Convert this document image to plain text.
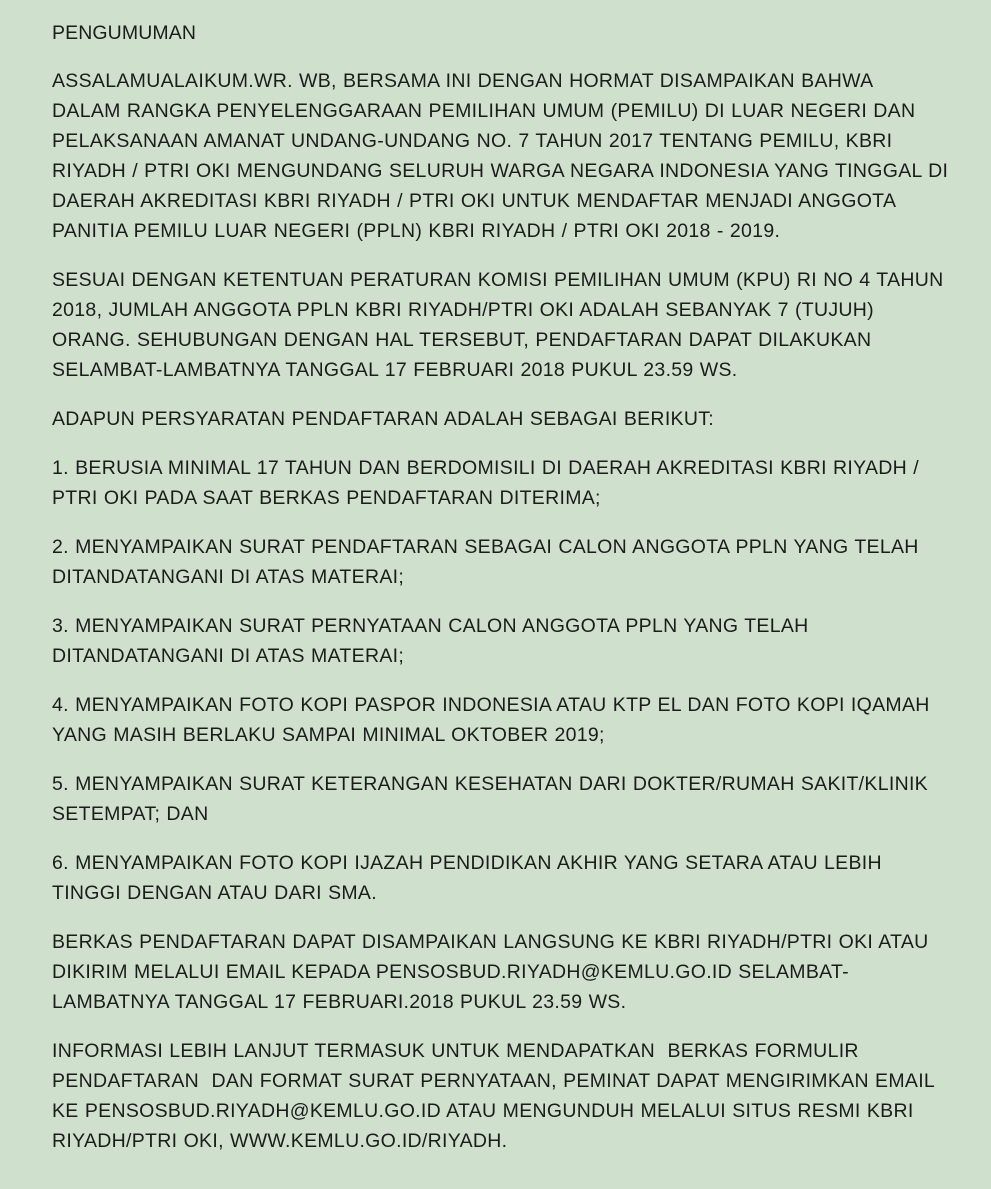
PENGUMUMAN
ASSALAMUALAIKUM.WR. WB, BERSAMA INI DENGAN HORMAT DISAMPAIKAN BAHWA
DALAM RANGKA PENYELENGGARAAN PEMILIHAN UMUM (PEMILU) DI LUAR NEGERI DAN
PELAKSANAAN AMANAT UNDANG-UNDANG NO. 7 TAHUN 2017 TENTANG PEMILU, KBRI
RIYADH / PTRI OKI MENGUNDANG SELURUH WARGA NEGARA INDONESIA YANG TINGGAL DI
DAERAH AKREDITASI KBRI RIYADH / PTRI OKI UNTUK MENDAFTAR MENJADI ANGGOTA
PANITIA PEMILU LUAR NEGERI (PPLN) KBRI RIYADH / PTRI OKI 2018 - 2019.
SESUAI DENGAN KETENTUAN PERATURAN KOMISI PEMILIHAN UMUM (KPU) RI NO 4 TAHUN
2018, JUMLAH ANGGOTA PPLN KBRI RIYADH/PTRI OKI ADALAH SEBANYAK 7 (TUJUH)
ORANG. SEHUBUNGAN DENGAN HAL TERSEBUT, PENDAFTARAN DAPAT DILAKUKAN
SELAMBAT-LAMBATNYA TANGGAL 17 FEBRUARI 2018 PUKUL 23.59 WS.
ADAPUN PERSYARATAN PENDAFTARAN ADALAH SEBAGAI BERIKUT:
1. BERUSIA MINIMAL 17 TAHUN DAN BERDOMISILI DI DAERAH AKREDITASI KBRI RIYADH /
PTRI OKI PADA SAAT BERKAS PENDAFTARAN DITERIMA;
2. MENYAMPAIKAN SURAT PENDAFTARAN SEBAGAI CALON ANGGOTA PPLN YANG TELAH
DITANDATANGANI DI ATAS MATERAI;
3. MENYAMPAIKAN SURAT PERNYATAAN CALON ANGGOTA PPLN YANG TELAH
DITANDATANGANI DI ATAS MATERAI;
4. MENYAMPAIKAN FOTO KOPI PASPOR INDONESIA ATAU KTP EL DAN FOTO KOPI IQAMAH
YANG MASIH BERLAKU SAMPAI MINIMAL OKTOBER 2019;
5. MENYAMPAIKAN SURAT KETERANGAN KESEHATAN DARI DOKTER/RUMAH SAKIT/KLINIK
SETEMPAT; DAN
6. MENYAMPAIKAN FOTO KOPI IJAZAH PENDIDIKAN AKHIR YANG SETARA ATAU LEBIH
TINGGI DENGAN ATAU DARI SMA.
BERKAS PENDAFTARAN DAPAT DISAMPAIKAN LANGSUNG KE KBRI RIYADH/PTRI OKI ATAU
DIKIRIM MELALUI EMAIL KEPADA PENSOSBUD.RIYADH@KEMLU.GO.ID SELAMBAT-
LAMBATNYA TANGGAL 17 FEBRUARI.2018 PUKUL 23.59 WS.
INFORMASI LEBIH LANJUT TERMASUK UNTUK MENDAPATKAN  BERKAS FORMULIR
PENDAFTARAN  DAN FORMAT SURAT PERNYATAAN, PEMINAT DAPAT MENGIRIMKAN EMAIL
KE PENSOSBUD.RIYADH@KEMLU.GO.ID ATAU MENGUNDUH MELALUI SITUS RESMI KBRI
RIYADH/PTRI OKI, WWW.KEMLU.GO.ID/RIYADH.
